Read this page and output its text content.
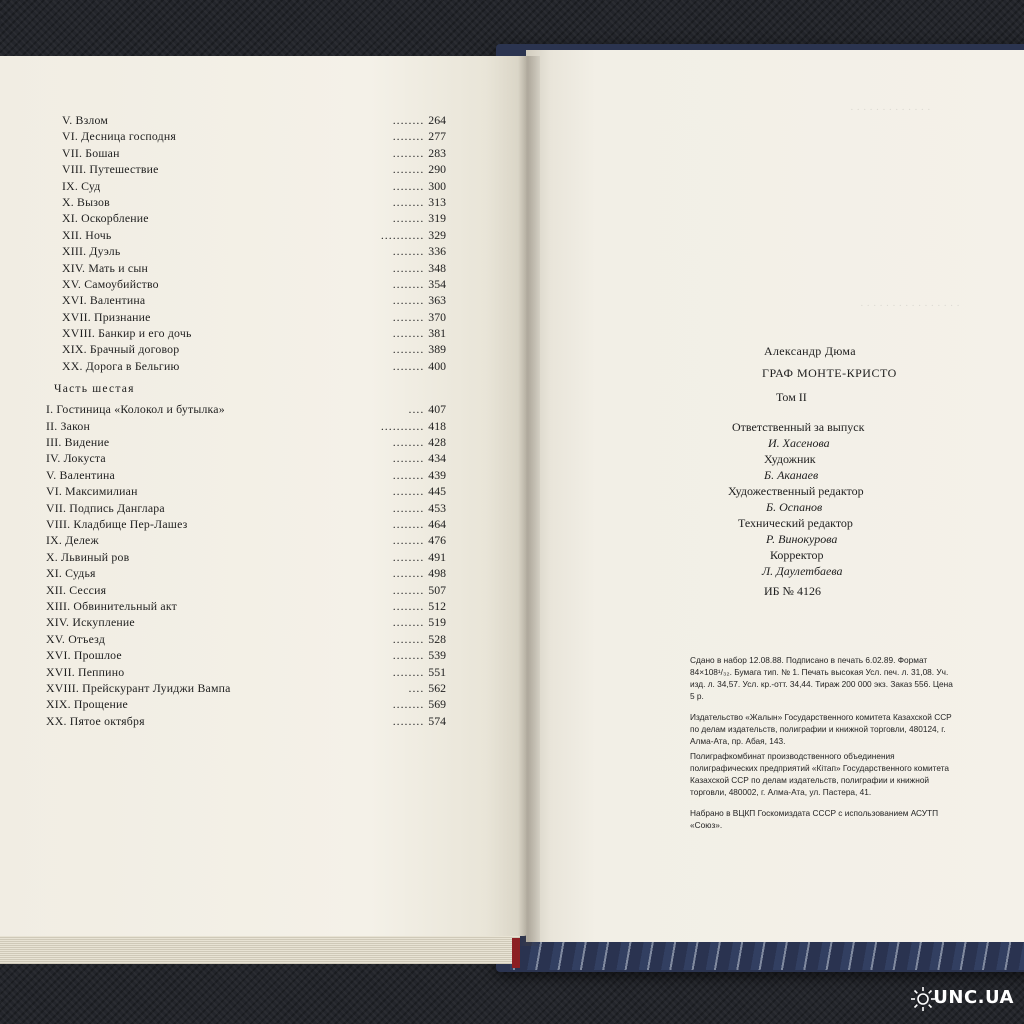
· · · · · · · · · · · · ·
· · · · · · · · · · · · · · · ·
V. Взлом	........ 264
VI. Десница господня	........ 277
VII. Бошан	........ 283
VIII. Путешествие	........ 290
IX. Суд	........ 300
X. Вызов	........ 313
XI. Оскорбление	........ 319
XII. Ночь	........... 329
XIII. Дуэль	........ 336
XIV. Мать и сын	........ 348
XV. Самоубийство	........ 354
XVI. Валентина	........ 363
XVII. Признание	........ 370
XVIII. Банкир и его дочь	........ 381
XIX. Брачный договор	........ 389
XX. Дорога в Бельгию	........ 400
Часть шестая
I. Гостиница «Колокол и бутылка»	.... 407
II. Закон	........... 418
III. Видение	........ 428
IV. Локуста	........ 434
V. Валентина	........ 439
VI. Максимилиан	........ 445
VII. Подпись Данглара	........ 453
VIII. Кладбище Пер-Лашез	........ 464
IX. Дележ	........ 476
X. Львиный ров	........ 491
XI. Судья	........ 498
XII. Сессия	........ 507
XIII. Обвинительный акт	........ 512
XIV. Искупление	........ 519
XV. Отъезд	........ 528
XVI. Прошлое	........ 539
XVII. Пеппино	........ 551
XVIII. Прейскурант Луиджи Вампа	.... 562
XIX. Прощение	........ 569
XX. Пятое октября	........ 574
Александр Дюма
ГРАФ МОНТЕ-КРИСТО
Том II
Ответственный за выпуск
И. Хасенова
Художник
Б. Аканаев
Художественный редактор
Б. Оспанов
Технический редактор
Р. Винокурова
Корректор
Л. Даулетбаева
ИБ № 4126

Сдано в набор 12.08.88. Подписано в печать 6.02.89. Формат 84×108¹/₃₂. Бумага тип. № 1. Печать высокая Усл. печ. л. 31,08. Уч. изд. л. 34,57. Усл. кр.-отт. 34,44. Тираж 200 000 экз. Заказ 556. Цена 5 р.

Издательство «Жалын» Государственного комитета Казахской ССР по делам издательств, полиграфии и книжной торговли, 480124, г. Алма-Ата, пр. Абая, 143.

Полиграфкомбинат производственного объединения полиграфических предприятий «Кітап» Государственного комитета Казахской ССР по делам издательств, полиграфии и книжной торговли, 480002, г. Алма-Ата, ул. Пастера, 41.

Набрано в ВЦКП Госкомиздата СССР с использованием АСУТП «Союз».

UNC.UA
